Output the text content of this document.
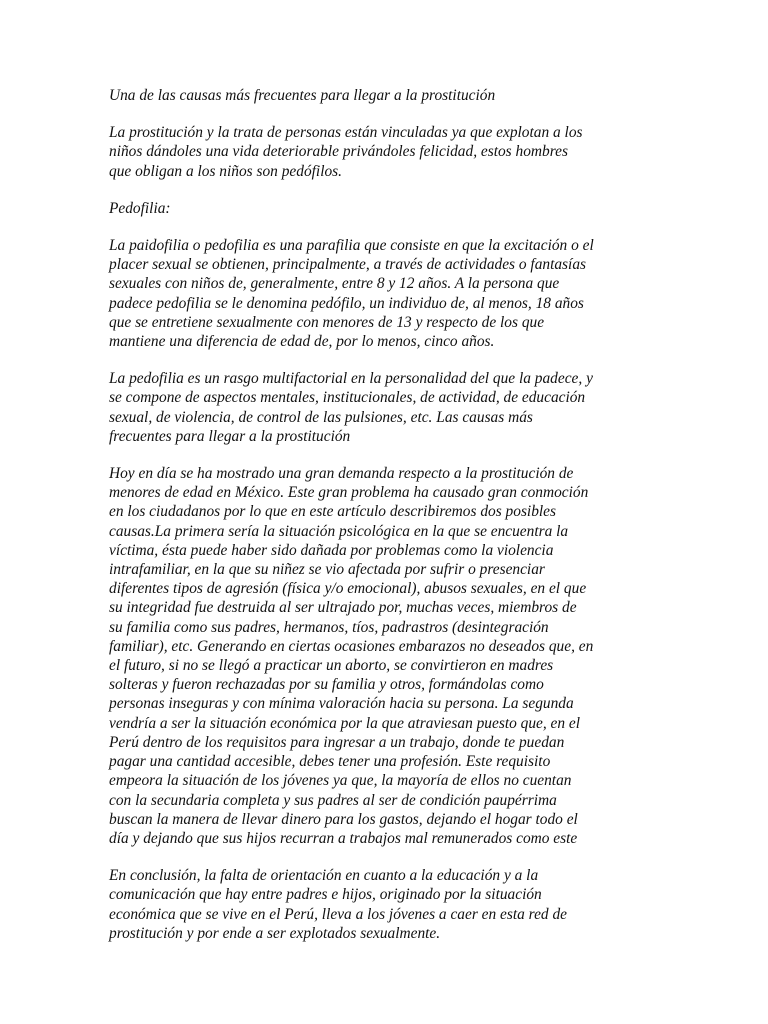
Una de las causas más frecuentes para llegar a la prostitución
La prostitución y la trata de personas están vinculadas ya que explotan a los
niños dándoles una vida deteriorable privándoles felicidad, estos hombres
que obligan a los niños son pedófilos.
Pedofilia:
La paidofilia o pedofilia es una parafilia que consiste en que la excitación o el
placer sexual se obtienen, principalmente, a través de actividades o fantasías
sexuales con niños de, generalmente, entre 8 y 12 años. A la persona que
padece pedofilia se le denomina pedófilo, un individuo de, al menos, 18 años
que se entretiene sexualmente con menores de 13 y respecto de los que
mantiene una diferencia de edad de, por lo menos, cinco años.
La pedofilia es un rasgo multifactorial en la personalidad del que la padece, y
se compone de aspectos mentales, institucionales, de actividad, de educación
sexual, de violencia, de control de las pulsiones, etc. Las causas más
frecuentes para llegar a la prostitución
Hoy en día se ha mostrado una gran demanda respecto a la prostitución de
menores de edad en México. Este gran problema ha causado gran conmoción
en los ciudadanos por lo que en este artículo describiremos dos posibles
causas.La primera sería la situación psicológica en la que se encuentra la
víctima, ésta puede haber sido dañada por problemas como la violencia
intrafamiliar, en la que su niñez se vio afectada por sufrir o presenciar
diferentes tipos de agresión (física y/o emocional), abusos sexuales, en el que
su integridad fue destruida al ser ultrajado por, muchas veces, miembros de
su familia como sus padres, hermanos, tíos, padrastros (desintegración
familiar), etc. Generando en ciertas ocasiones embarazos no deseados que, en
el futuro, si no se llegó a practicar un aborto, se convirtieron en madres
solteras y fueron rechazadas por su familia y otros, formándolas como
personas inseguras y con mínima valoración hacia su persona. La segunda
vendría a ser la situación económica por la que atraviesan puesto que, en el
Perú dentro de los requisitos para ingresar a un trabajo, donde te puedan
pagar una cantidad accesible, debes tener una profesión. Este requisito
empeora la situación de los jóvenes ya que, la mayoría de ellos no cuentan
con la secundaria completa y sus padres al ser de condición paupérrima
buscan la manera de llevar dinero para los gastos, dejando el hogar todo el
día y dejando que sus hijos recurran a trabajos mal remunerados como este
En conclusión, la falta de orientación en cuanto a la educación y a la
comunicación que hay entre padres e hijos, originado por la situación
económica que se vive en el Perú, lleva a los jóvenes a caer en esta red de
prostitución y por ende a ser explotados sexualmente.
